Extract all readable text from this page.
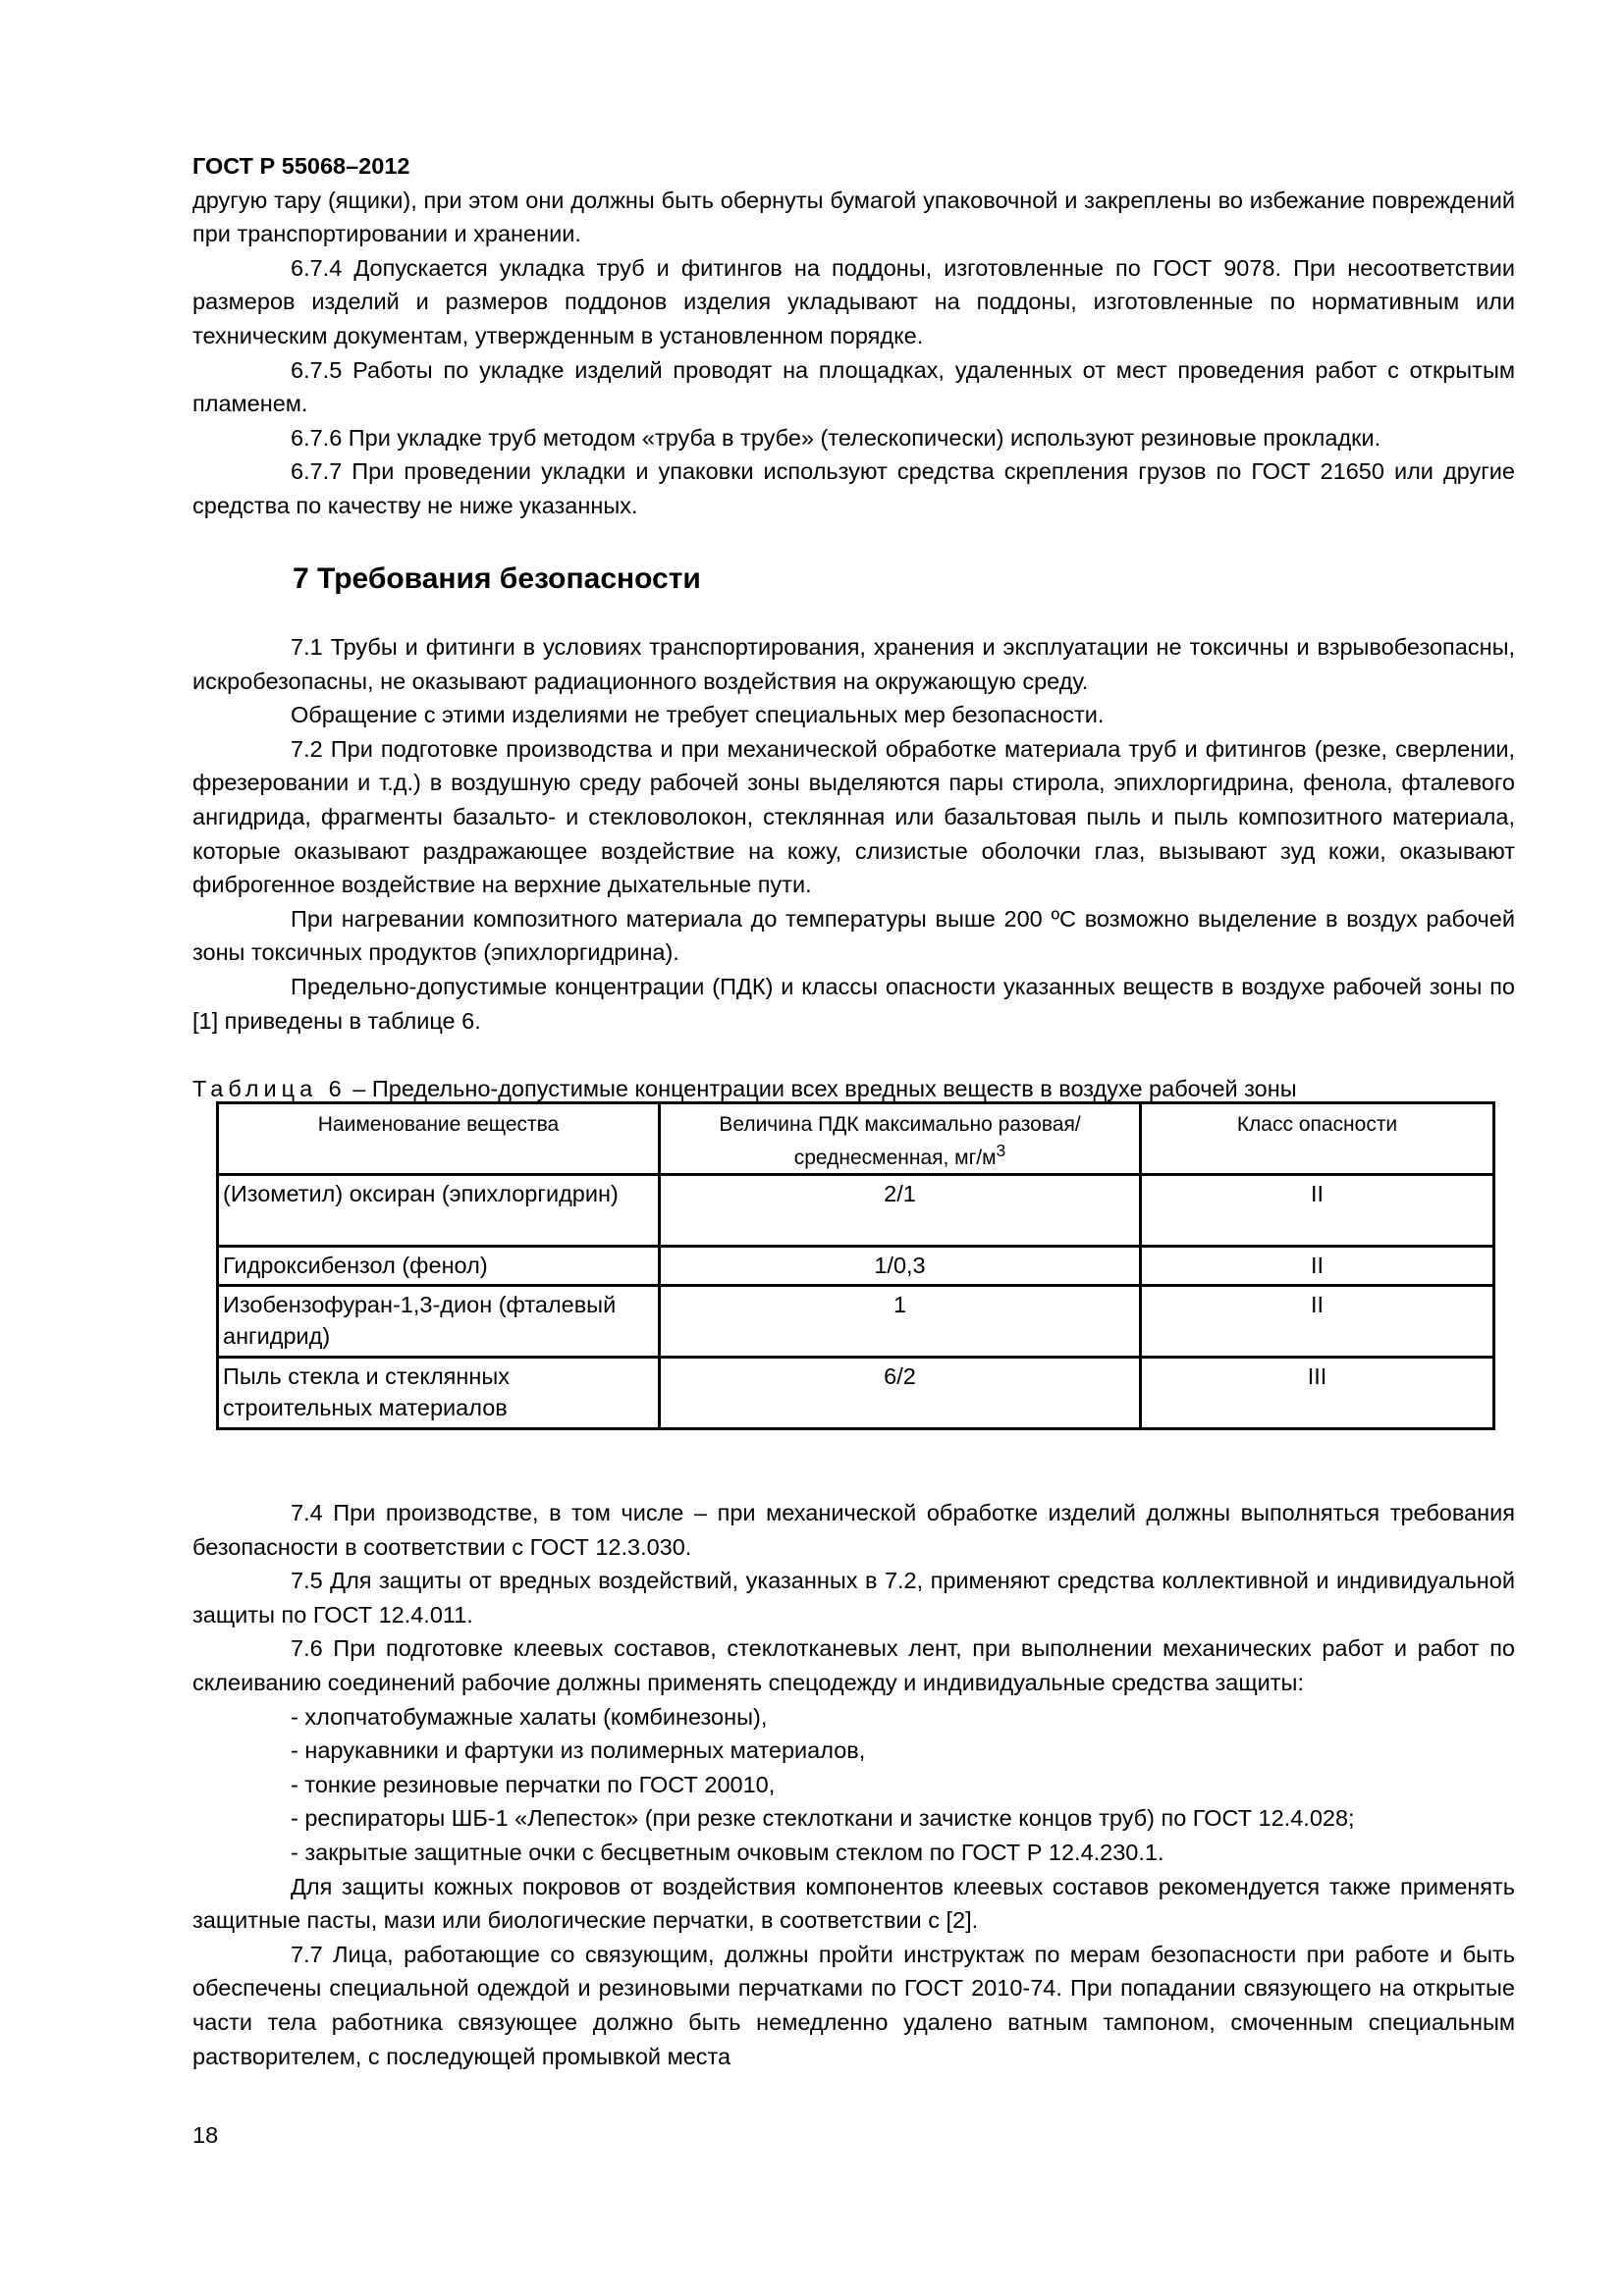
ГОСТ Р 55068–2012

другую тару (ящики), при этом они должны быть обернуты бумагой упаковочной и закреплены во избежание повреждений при транспортировании и хранении.

6.7.4 Допускается укладка труб и фитингов на поддоны, изготовленные по ГОСТ 9078. При несоответствии размеров изделий и размеров поддонов изделия укладывают на поддоны, изготовленные по нормативным или техническим документам, утвержденным в установленном порядке.

6.7.5 Работы по укладке изделий проводят на площадках, удаленных от мест проведения работ с открытым пламенем.

6.7.6 При укладке труб методом «труба в трубе» (телескопически) используют резиновые прокладки.

6.7.7 При проведении укладки и упаковки используют средства скрепления грузов по ГОСТ 21650 или другие средства по качеству не ниже указанных.

7 Требования безопасности

7.1 Трубы и фитинги в условиях транспортирования, хранения и эксплуатации не токсичны и взрывобезопасны, искробезопасны, не оказывают радиационного воздействия на окружающую среду.

Обращение с этими изделиями не требует специальных мер безопасности.

7.2 При подготовке производства и при механической обработке материала труб и фитингов (резке, сверлении, фрезеровании и т.д.) в воздушную среду рабочей зоны выделяются пары стирола, эпихлоргидрина, фенола, фталевого ангидрида, фрагменты базальто- и стекловолокон, стеклянная или базальтовая пыль и пыль композитного материала, которые оказывают раздражающее воздействие на кожу, слизистые оболочки глаз, вызывают зуд кожи, оказывают фиброгенное воздействие на верхние дыхательные пути.

При нагревании композитного материала до температуры выше 200 ºС возможно выделение в воздух рабочей зоны токсичных продуктов (эпихлоргидрина).

Предельно-допустимые концентрации (ПДК) и классы опасности указанных веществ в воздухе рабочей зоны по [1] приведены в таблице 6.

Таблица 6 – Предельно-допустимые концентрации всех вредных веществ в воздухе рабочей зоны
Наименование вещества	Величина ПДК максимально разовая/среднесменная, $мг/м^3$	Класс опасности
(Изометил) оксиран (эпихлоргидрин)	2/1	II
Гидроксибензол (фенол)	1/0,3	II
Изобензофуран-1,3-дион (фталевый ангидрид)	1	II
Пыль стекла и стеклянных строительных материалов	6/2	III

7.4 При производстве, в том числе – при механической обработке изделий должны выполняться требования безопасности в соответствии с ГОСТ 12.3.030.

7.5 Для защиты от вредных воздействий, указанных в 7.2, применяют средства коллективной и индивидуальной защиты по ГОСТ 12.4.011.

7.6 При подготовке клеевых составов, стеклотканевых лент, при выполнении механических работ и работ по склеиванию соединений рабочие должны применять спецодежду и индивидуальные средства защиты:

- хлопчатобумажные халаты (комбинезоны),

- нарукавники и фартуки из полимерных материалов,

- тонкие резиновые перчатки по ГОСТ 20010,

- респираторы ШБ-1 «Лепесток» (при резке стеклоткани и зачистке концов труб) по ГОСТ 12.4.028;

- закрытые защитные очки с бесцветным очковым стеклом по ГОСТ Р 12.4.230.1.

Для защиты кожных покровов от воздействия компонентов клеевых составов рекомендуется также применять защитные пасты, мази или биологические перчатки, в соответствии с [2].

7.7 Лица, работающие со связующим, должны пройти инструктаж по мерам безопасности при работе и быть обеспечены специальной одеждой и резиновыми перчатками по ГОСТ 2010-74. При попадании связующего на открытые части тела работника связующее должно быть немедленно удалено ватным тампоном, смоченным специальным растворителем, с последующей промывкой места

18
